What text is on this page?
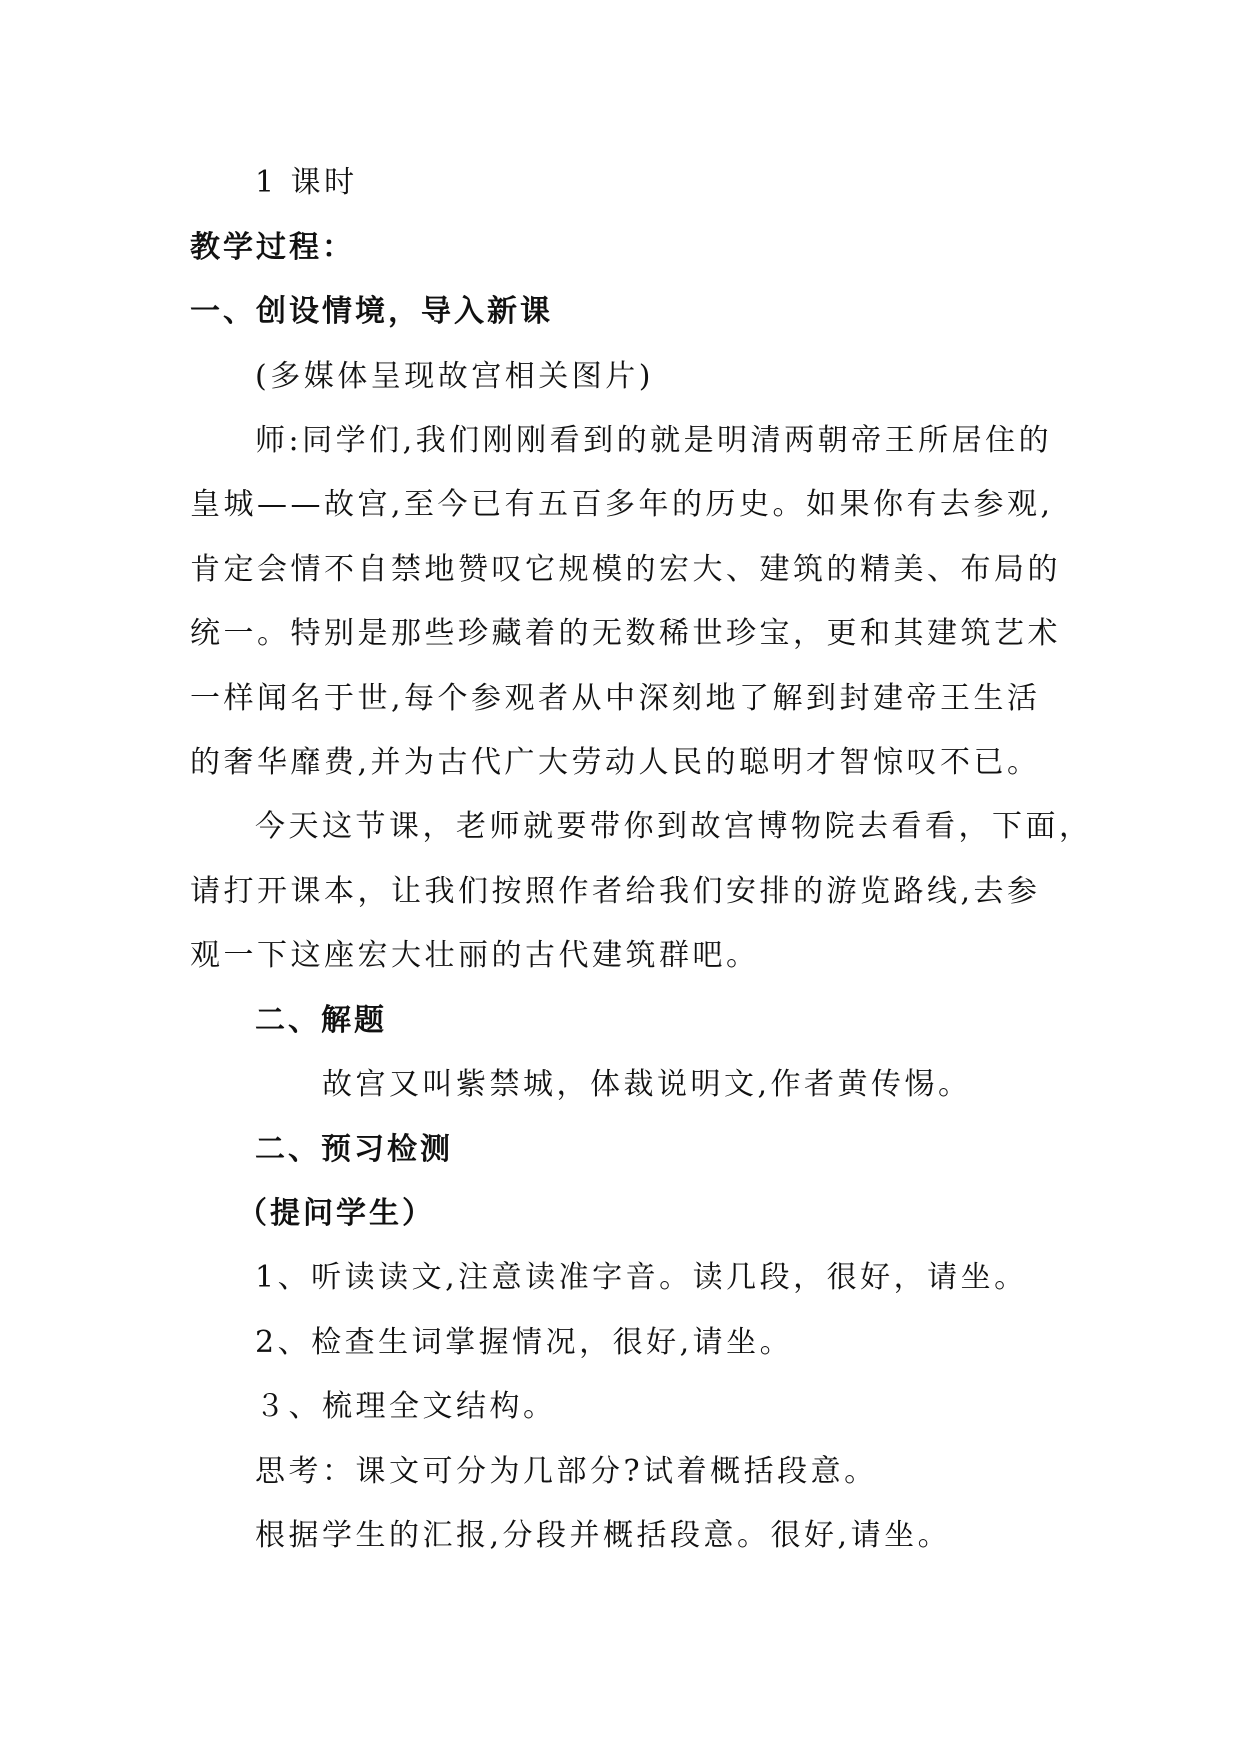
1 课时
教学过程：
一、创设情境，导入新课
(多媒体呈现故宫相关图片)
师:同学们,我们刚刚看到的就是明清两朝帝王所居住的
皇城——故宫,至今已有五百多年的历史。如果你有去参观,
肯定会情不自禁地赞叹它规模的宏大、建筑的精美、布局的
统一。特别是那些珍藏着的无数稀世珍宝，更和其建筑艺术
一样闻名于世,每个参观者从中深刻地了解到封建帝王生活
的奢华靡费,并为古代广大劳动人民的聪明才智惊叹不已。
今天这节课，老师就要带你到故宫博物院去看看，下面，
请打开课本，让我们按照作者给我们安排的游览路线,去参
观一下这座宏大壮丽的古代建筑群吧。
二、解题
故宫又叫紫禁城，体裁说明文,作者黄传惕。
二、预习检测
（提问学生）
1、听读读文,注意读准字音。读几段，很好，请坐。
2、检查生词掌握情况，很好,请坐。
３、梳理全文结构。
思考：课文可分为几部分?试着概括段意。
根据学生的汇报,分段并概括段意。很好,请坐。
